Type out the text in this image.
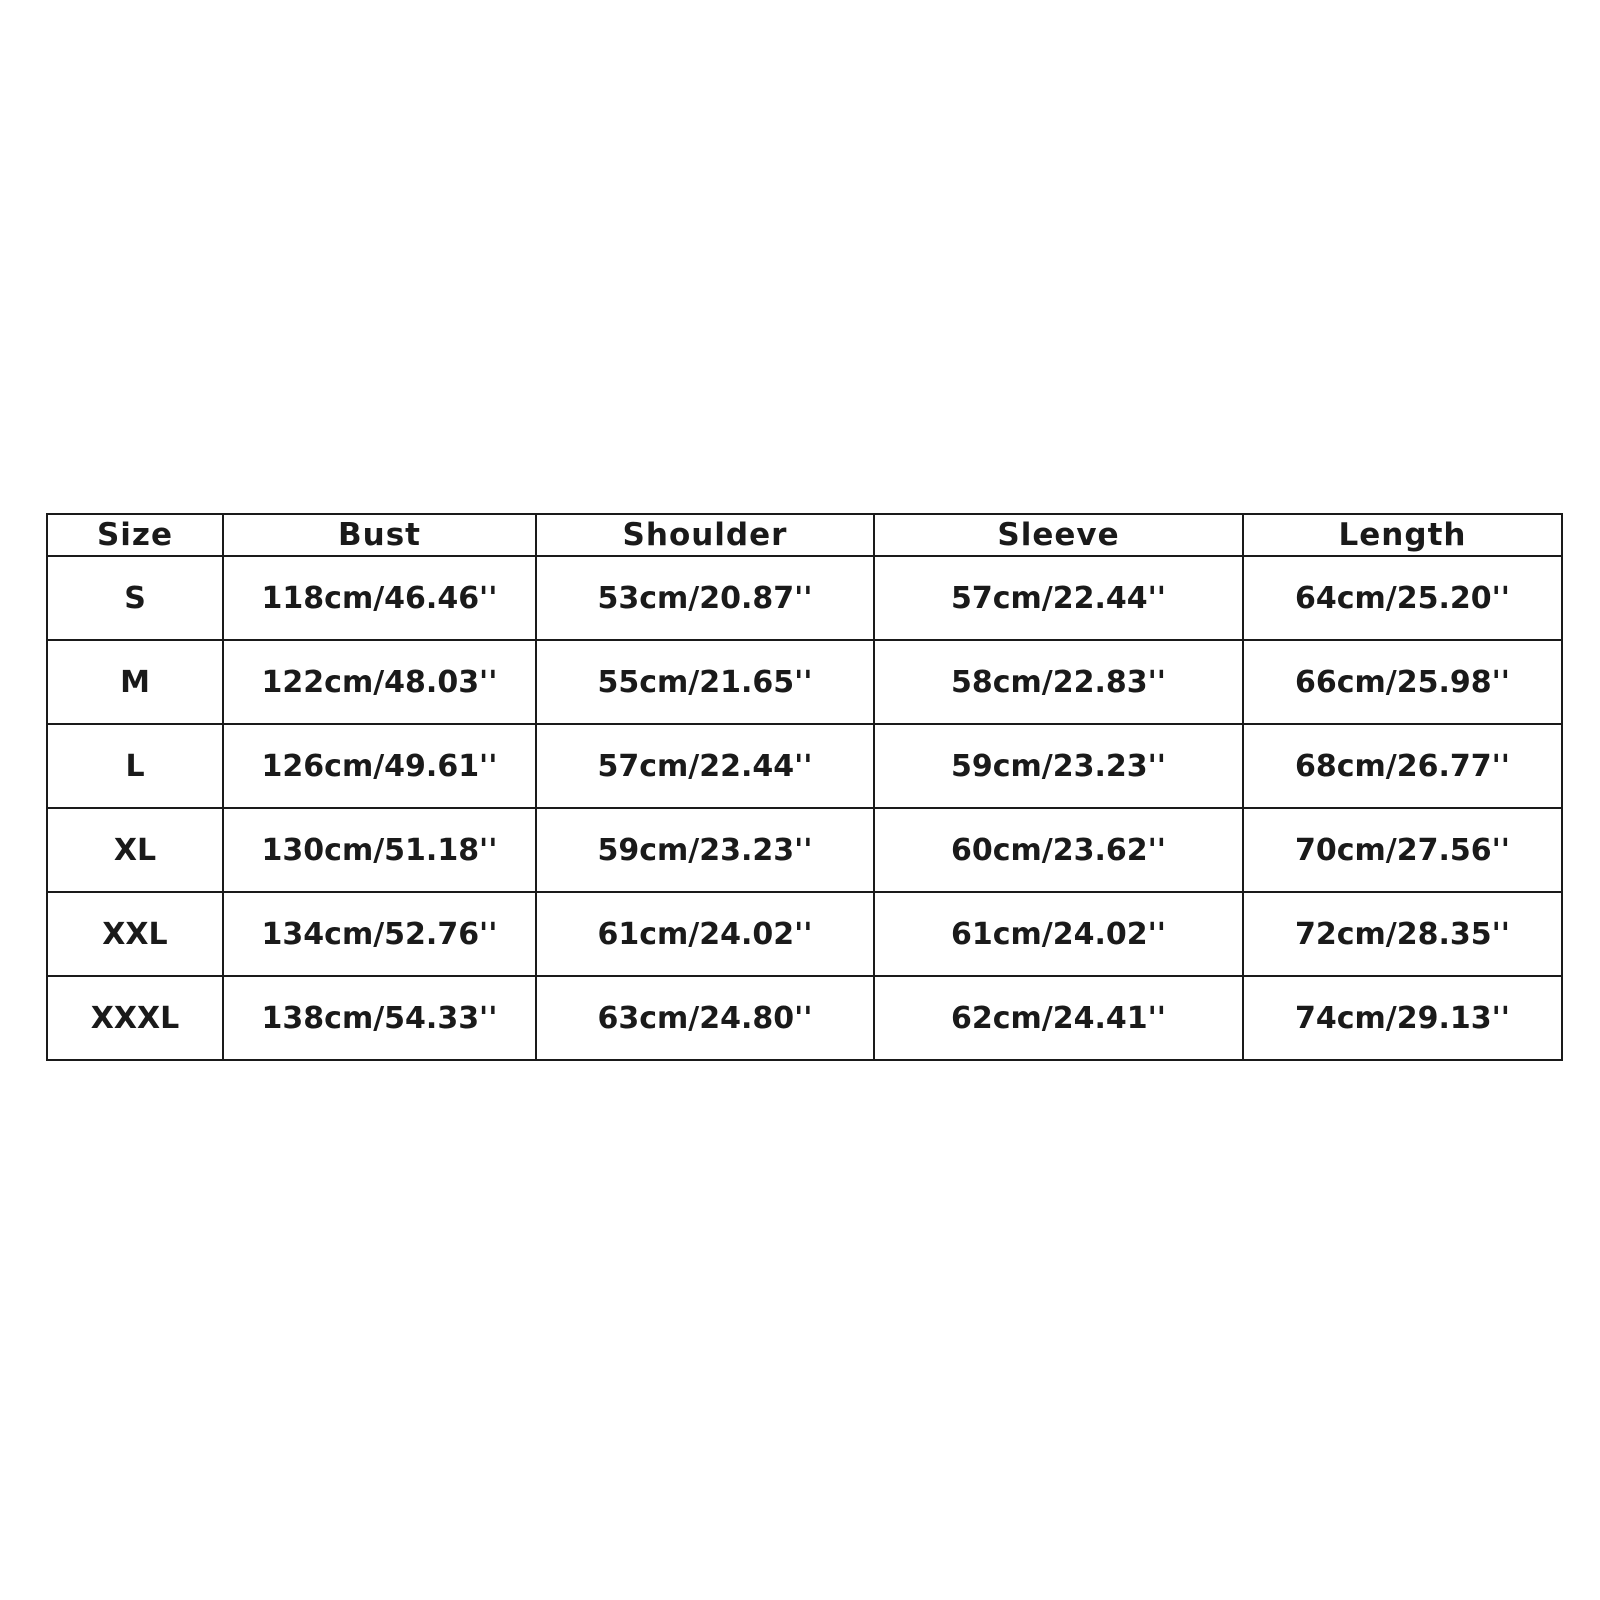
Size	Bust	Shoulder	Sleeve	Length
S	118cm/46.46''	53cm/20.87''	57cm/22.44''	64cm/25.20''
M	122cm/48.03''	55cm/21.65''	58cm/22.83''	66cm/25.98''
L	126cm/49.61''	57cm/22.44''	59cm/23.23''	68cm/26.77''
XL	130cm/51.18''	59cm/23.23''	60cm/23.62''	70cm/27.56''
XXL	134cm/52.76''	61cm/24.02''	61cm/24.02''	72cm/28.35''
XXXL	138cm/54.33''	63cm/24.80''	62cm/24.41''	74cm/29.13''
